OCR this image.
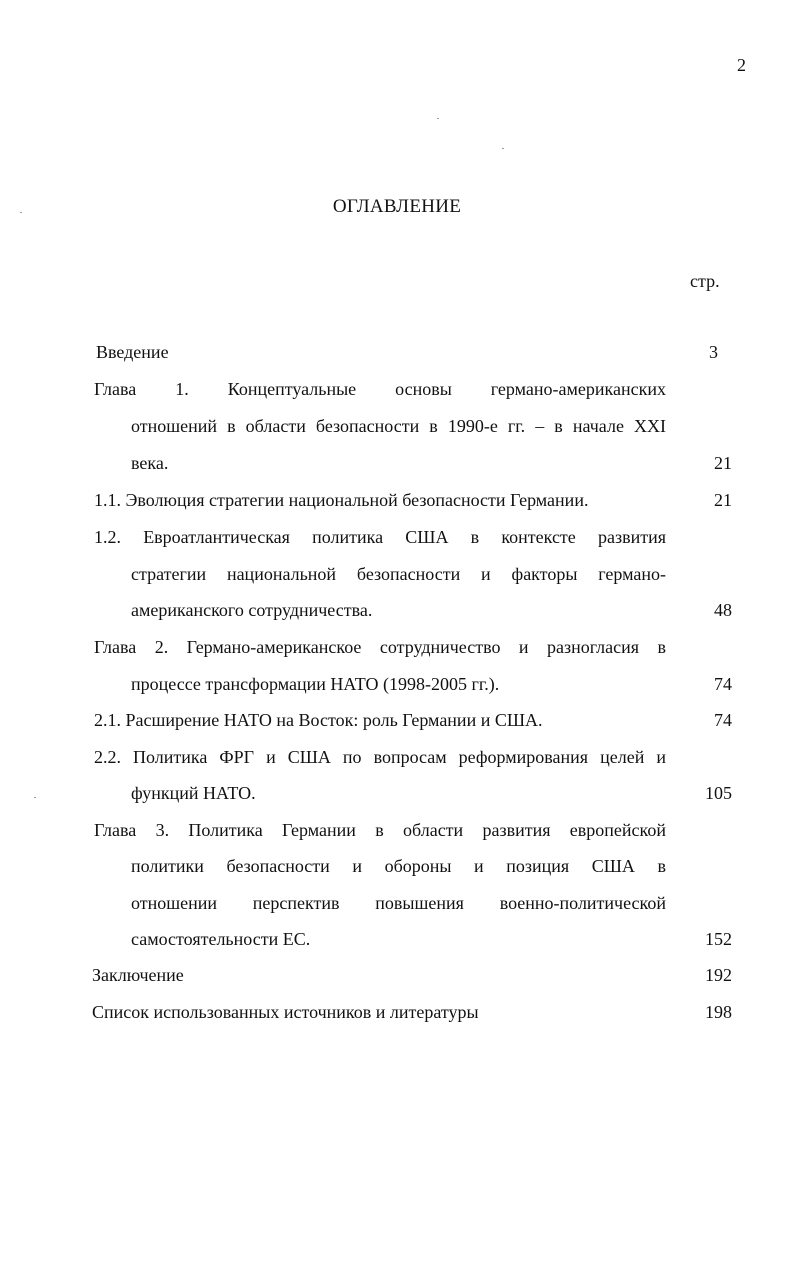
2
ОГЛАВЛЕНИЕ
стр.
Введение	3
Глава 1. Концептуальные основы германо-американских
отношений в области безопасности в 1990-е гг. – в начале XXI
века.	21
1.1. Эволюция стратегии национальной безопасности Германии.	21
1.2. Евроатлантическая политика США в контексте развития
стратегии национальной безопасности и факторы германо-
американского сотрудничества.	48
Глава 2. Германо-американское сотрудничество и разногласия в
процессе трансформации НАТО (1998-2005 гг.).	74
2.1. Расширение НАТО на Восток: роль Германии и США.	74
2.2. Политика ФРГ и США по вопросам реформирования целей и
функций НАТО.	105
Глава 3. Политика Германии в области развития европейской
политики безопасности и обороны и позиция США в
отношении перспектив повышения военно-политической
самостоятельности ЕС.	152
Заключение	192
Список использованных источников и литературы	198
